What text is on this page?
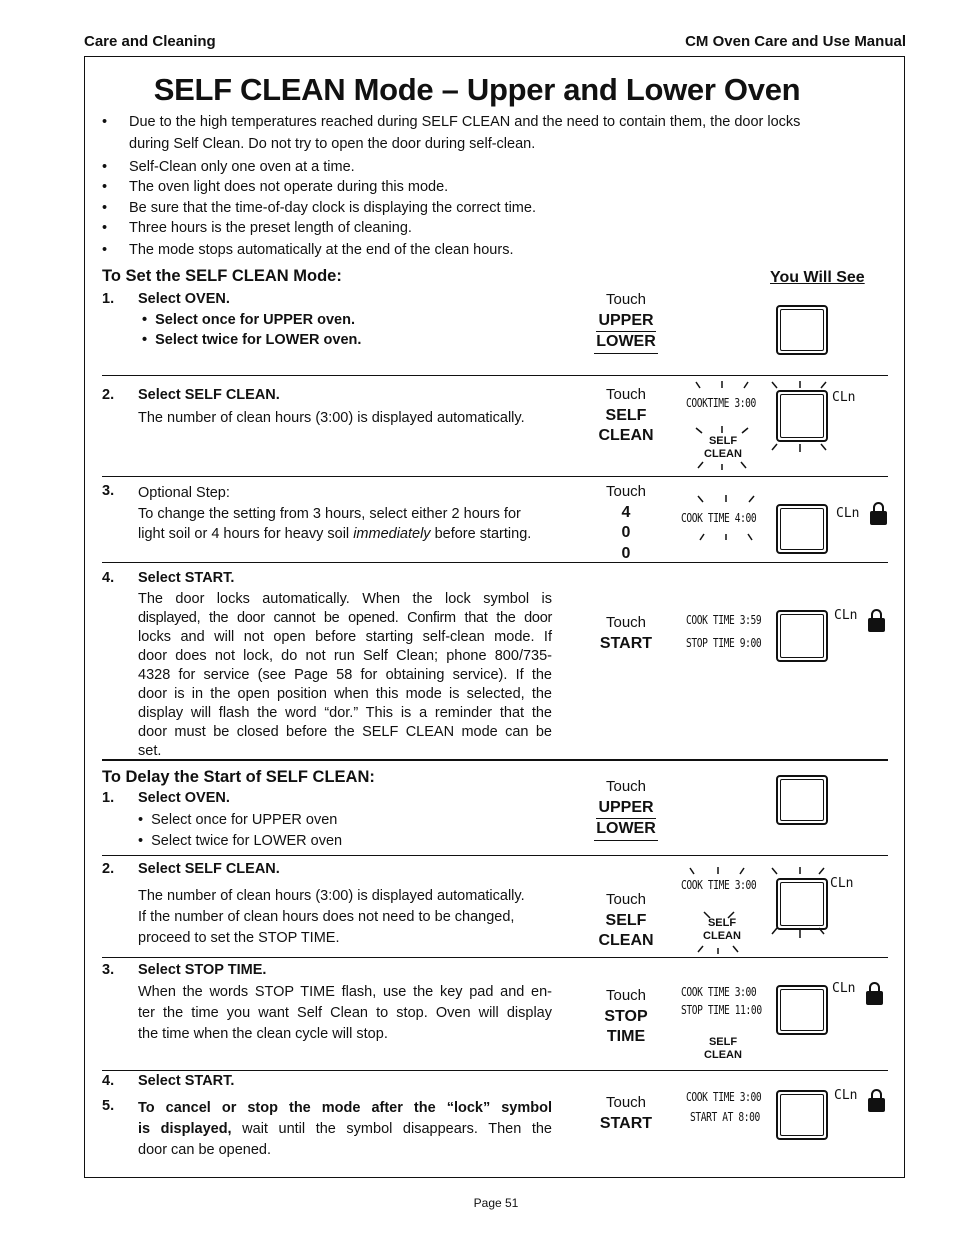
Care and Cleaning	CM Oven Care and Use Manual
SELF CLEAN Mode – Upper and Lower Oven
• Due to the high temperatures reached during SELF CLEAN and the need to contain them, the door locks
during Self Clean. Do not try to open the door during self-clean.
• Self-Clean only one oven at a time.
• The oven light does not operate during this mode.
• Be sure that the time-of-day clock is displaying the correct time.
• Three hours is the preset length of cleaning.
• The mode stops automatically at the end of the clean hours.
To Set the SELF CLEAN Mode:	You Will See
1. Select OVEN.
•  Select once for UPPER oven.
•  Select twice for LOWER oven.
Touch
UPPER
LOWER
2. Select SELF CLEAN.
The number of clean hours (3:00) is displayed automatically.
Touch
SELF
CLEAN
COOKTIME 3:00	CLn
SELF
CLEAN
3. Optional Step:
To change the setting from 3 hours, select either 2 hours for
light soil or 4 hours for heavy soil immediately before starting.
Touch
4
0
0
COOK TIME 4:00	CLn
4. Select START.
The door locks automatically. When the lock symbol is
displayed, the door cannot be opened. Confirm that the door
locks and will not open before starting self-clean mode. If
door does not lock, do not run Self Clean; phone 800/735-
4328 for service (see Page 58 for obtaining service). If the
door is in the open position when this mode is selected, the
display will flash the word “dor.” This is a reminder that the
door must be closed before the SELF CLEAN mode can be
set.
Touch
START
COOK TIME 3:59
STOP TIME 9:00
CLn
To Delay the Start of SELF CLEAN:
1. Select OVEN.
•  Select once for UPPER oven
•  Select twice for LOWER oven
Touch
UPPER
LOWER
2. Select SELF CLEAN.
The number of clean hours (3:00) is displayed automatically.
If the number of clean hours does not need to be changed,
proceed to set the STOP TIME.
Touch
SELF
CLEAN
COOK TIME 3:00	CLn
SELF
CLEAN
3. Select STOP TIME.
When the words STOP TIME flash, use the key pad and en-
ter the time you want Self Clean to stop. Oven will display
the time when the clean cycle will stop.
Touch
STOP
TIME
COOK TIME 3:00
STOP TIME 11:00
CLn
SELF
CLEAN
4. Select START.
5. To cancel or stop the mode after the “lock” symbol
is displayed, wait until the symbol disappears. Then the
door can be opened.
Touch
START
COOK TIME 3:00
START AT 8:00
CLn
Page 51
